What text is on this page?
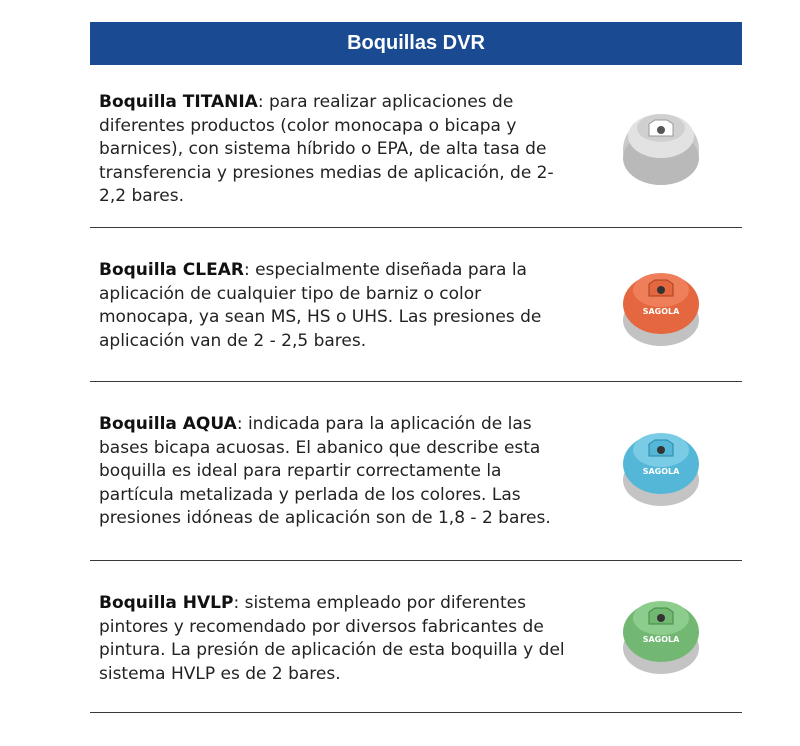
Boquillas DVR
Boquilla TITANIA: para realizar aplicaciones de diferentes productos (color monocapa o bicapa y barnices), con sistema híbrido o EPA, de alta tasa de transferencia y presiones medias de aplicación, de 2- 2,2 bares.
Boquilla CLEAR: especialmente diseñada para la aplicación de cualquier tipo de barniz o color monocapa, ya sean MS, HS o UHS. Las presiones de aplicación van de 2 - 2,5 bares.
SAGOLA
Boquilla AQUA: indicada para la aplicación de las bases bicapa acuosas. El abanico que describe esta boquilla es ideal para repartir correctamente la partícula metalizada y perlada de los colores. Las presiones idóneas de aplicación son de 1,8 - 2 bares.
SAGOLA
Boquilla HVLP: sistema empleado por diferentes pintores y recomendado por diversos fabricantes de pintura. La presión de aplicación de esta boquilla y del sistema HVLP es de 2 bares.
SAGOLA
